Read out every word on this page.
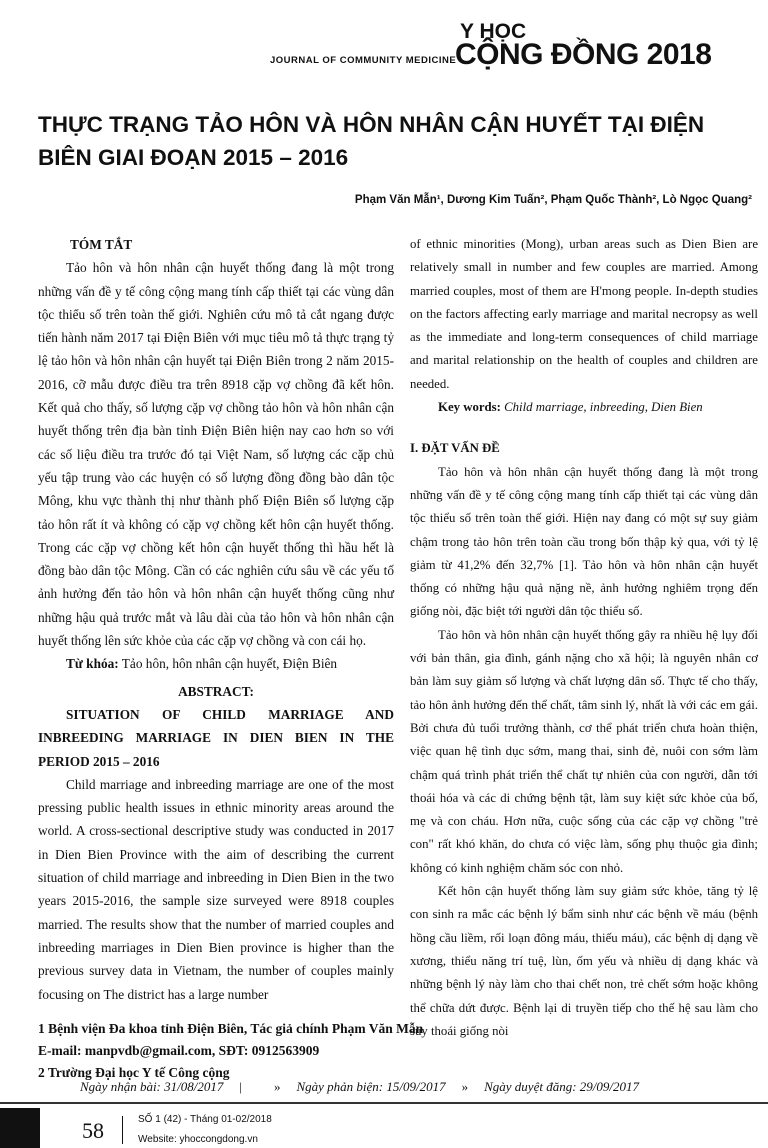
JOURNAL OF COMMUNITY MEDICINE
Y HỌC
CỘNG ĐỒNG 2018
THỰC TRẠNG TẢO HÔN VÀ HÔN NHÂN CẬN HUYẾT TẠI ĐIỆN BIÊN GIAI ĐOẠN 2015 – 2016
Phạm Văn Mẫn¹, Dương Kim Tuấn², Phạm Quốc Thành², Lò Ngọc Quang²

TÓM TẮT

Tảo hôn và hôn nhân cận huyết thống đang là một trong những vấn đề y tế công cộng mang tính cấp thiết tại các vùng dân tộc thiểu số trên toàn thế giới. Nghiên cứu mô tả cắt ngang được tiến hành năm 2017 tại Điện Biên với mục tiêu mô tả thực trạng tỷ lệ tảo hôn và hôn nhân cận huyết tại Điện Biên trong 2 năm 2015-2016, cỡ mẫu được điều tra trên 8918 cặp vợ chồng đã kết hôn. Kết quả cho thấy, số lượng cặp vợ chồng tảo hôn và hôn nhân cận huyết thống trên địa bàn tỉnh Điện Biên hiện nay cao hơn so với các số liệu điều tra trước đó tại Việt Nam, số lượng các cặp chủ yếu tập trung vào các huyện có số lượng đồng đồng bào dân tộc Mông, khu vực thành thị như thành phố Điện Biên số lượng cặp tảo hôn rất ít và không có cặp vợ chồng kết hôn cận huyết thống. Trong các cặp vợ chồng kết hôn cận huyết thống thì hầu hết là đồng bào dân tộc Mông. Cần có các nghiên cứu sâu về các yếu tố ảnh hưởng đến tảo hôn và hôn nhân cận huyết thống cũng như những hậu quả trước mắt và lâu dài của tảo hôn và hôn nhân cận huyết thống lên sức khỏe của các cặp vợ chồng và con cái họ.

Từ khóa: Tảo hôn, hôn nhân cận huyết, Điện Biên

ABSTRACT:

SITUATION OF CHILD MARRIAGE AND INBREEDING MARRIAGE IN DIEN BIEN IN THE PERIOD 2015 – 2016

Child marriage and inbreeding marriage are one of the most pressing public health issues in ethnic minority areas around the world. A cross-sectional descriptive study was conducted in 2017 in Dien Bien Province with the aim of describing the current situation of child marriage and inbreeding in Dien Bien in the two years 2015-2016, the sample size surveyed were 8918 couples married. The results show that the number of married couples and inbreeding marriages in Dien Bien province is higher than the previous survey data in Vietnam, the number of couples mainly focusing on The district has a large number

of ethnic minorities (Mong), urban areas such as Dien Bien are relatively small in number and few couples are married. Among married couples, most of them are H'mong people. In-depth studies on the factors affecting early marriage and marital necropsy as well as the immediate and long-term consequences of child marriage and marital relationship on the health of couples and children are needed.

Key words: Child marriage, inbreeding, Dien Bien

I. ĐẶT VẤN ĐỀ

Tảo hôn và hôn nhân cận huyết thống đang là một trong những vấn đề y tế công cộng mang tính cấp thiết tại các vùng dân tộc thiểu số trên toàn thế giới. Hiện nay đang có một sự suy giảm chậm trong tảo hôn trên toàn cầu trong bốn thập kỷ qua, với tỷ lệ giảm từ 41,2% đến 32,7% [1]. Tảo hôn và hôn nhân cận huyết thống có những hậu quả nặng nề, ảnh hưởng nghiêm trọng đến giống nòi, đặc biệt tới người dân tộc thiểu số.

Tảo hôn và hôn nhân cận huyết thống gây ra nhiều hệ lụy đối với bản thân, gia đình, gánh nặng cho xã hội; là nguyên nhân cơ bản làm suy giảm số lượng và chất lượng dân số. Thực tế cho thấy, tảo hôn ảnh hưởng đến thể chất, tâm sinh lý, nhất là với các em gái. Bởi chưa đủ tuổi trưởng thành, cơ thể phát triển chưa hoàn thiện, việc quan hệ tình dục sớm, mang thai, sinh đẻ, nuôi con sớm làm chậm quá trình phát triển thể chất tự nhiên của con người, dẫn tới thoái hóa và các di chứng bệnh tật, làm suy kiệt sức khỏe của bố, mẹ và con cháu. Hơn nữa, cuộc sống của các cặp vợ chồng "trẻ con" rất khó khăn, do chưa có việc làm, sống phụ thuộc gia đình; không có kinh nghiệm chăm sóc con nhỏ.

Kết hôn cận huyết thống làm suy giảm sức khỏe, tăng tỷ lệ con sinh ra mắc các bệnh lý bẩm sinh như các bệnh về máu (bệnh hồng cầu liềm, rối loạn đông máu, thiếu máu), các bệnh dị dạng về xương, thiểu năng trí tuệ, lùn, ốm yếu và nhiều dị dạng khác và những bệnh lý này làm cho thai chết non, trẻ chết sớm hoặc không thể chữa dứt được. Bệnh lại di truyền tiếp cho thế hệ sau làm cho suy thoái giống nòi

1 Bệnh viện Đa khoa tỉnh Điện Biên, Tác giả chính Phạm Văn Mẫn
E-mail: manpvdb@gmail.com, SĐT: 0912563909
2 Trường Đại học Y tế Công cộng
Ngày nhận bài: 31/08/2017 | » Ngày phản biện: 15/09/2017 » Ngày duyệt đăng: 29/09/2017
58	SỐ 1 (42) - Tháng 01-02/2018
Website: yhoccongdong.vn
